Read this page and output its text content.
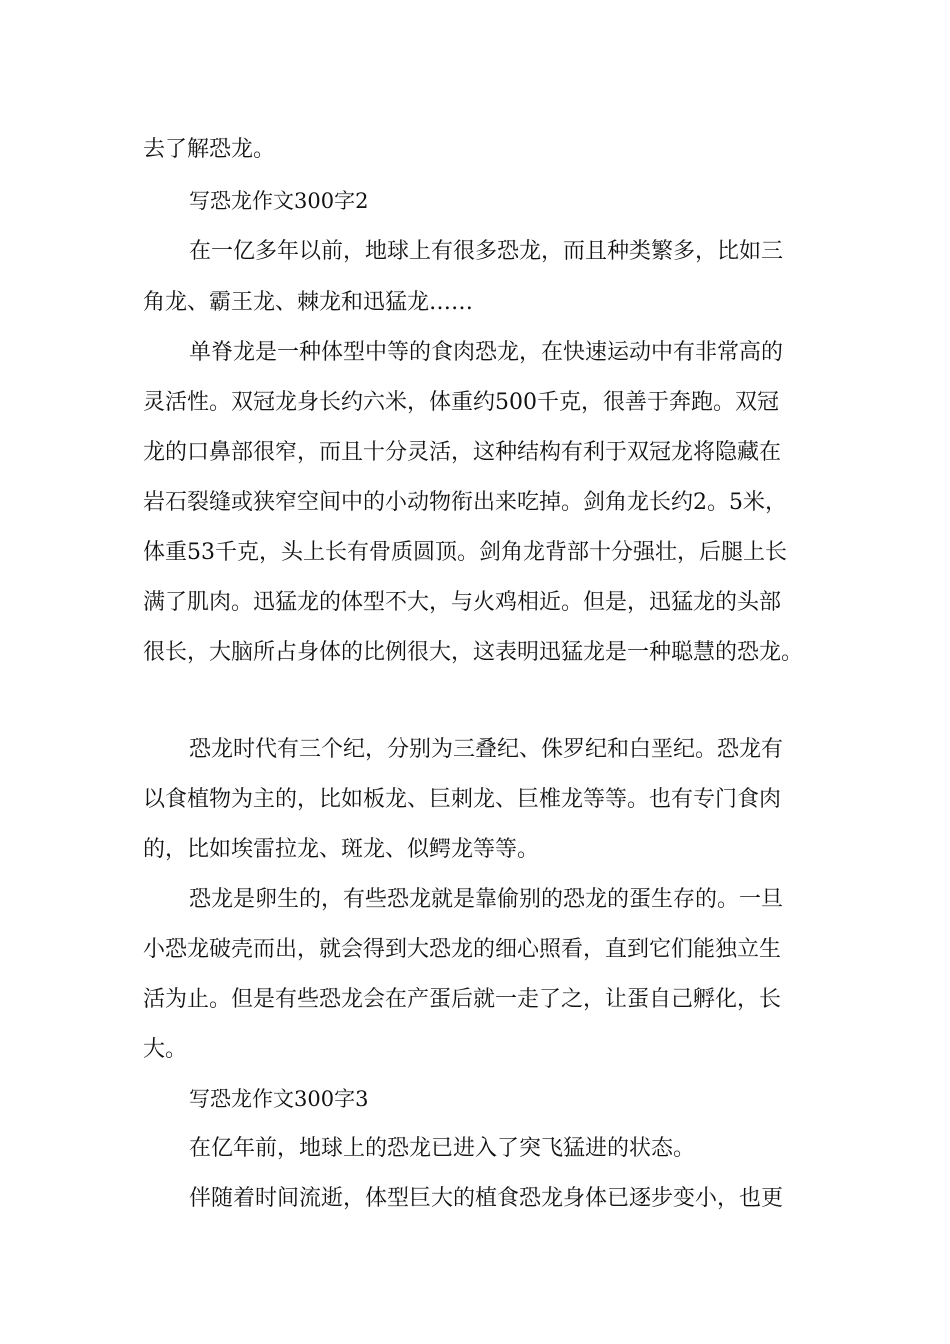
去了解恐龙。

写恐龙作文300字2

在一亿多年以前，地球上有很多恐龙，而且种类繁多，比如三

角龙、霸王龙、棘龙和迅猛龙……

单脊龙是一种体型中等的食肉恐龙，在快速运动中有非常高的

灵活性。双冠龙身长约六米，体重约500千克，很善于奔跑。双冠

龙的口鼻部很窄，而且十分灵活，这种结构有利于双冠龙将隐藏在

岩石裂缝或狭窄空间中的小动物衔出来吃掉。剑角龙长约2。5米，

体重53千克，头上长有骨质圆顶。剑角龙背部十分强壮，后腿上长

满了肌肉。迅猛龙的体型不大，与火鸡相近。但是，迅猛龙的头部

很长，大脑所占身体的比例很大，这表明迅猛龙是一种聪慧的恐龙。

恐龙时代有三个纪，分别为三叠纪、侏罗纪和白垩纪。恐龙有

以食植物为主的，比如板龙、巨刺龙、巨椎龙等等。也有专门食肉

的，比如埃雷拉龙、斑龙、似鳄龙等等。

恐龙是卵生的，有些恐龙就是靠偷别的恐龙的蛋生存的。一旦

小恐龙破壳而出，就会得到大恐龙的细心照看，直到它们能独立生

活为止。但是有些恐龙会在产蛋后就一走了之，让蛋自己孵化，长

大。

写恐龙作文300字3

在亿年前，地球上的恐龙已进入了突飞猛进的状态。

伴随着时间流逝，体型巨大的植食恐龙身体已逐步变小，也更
